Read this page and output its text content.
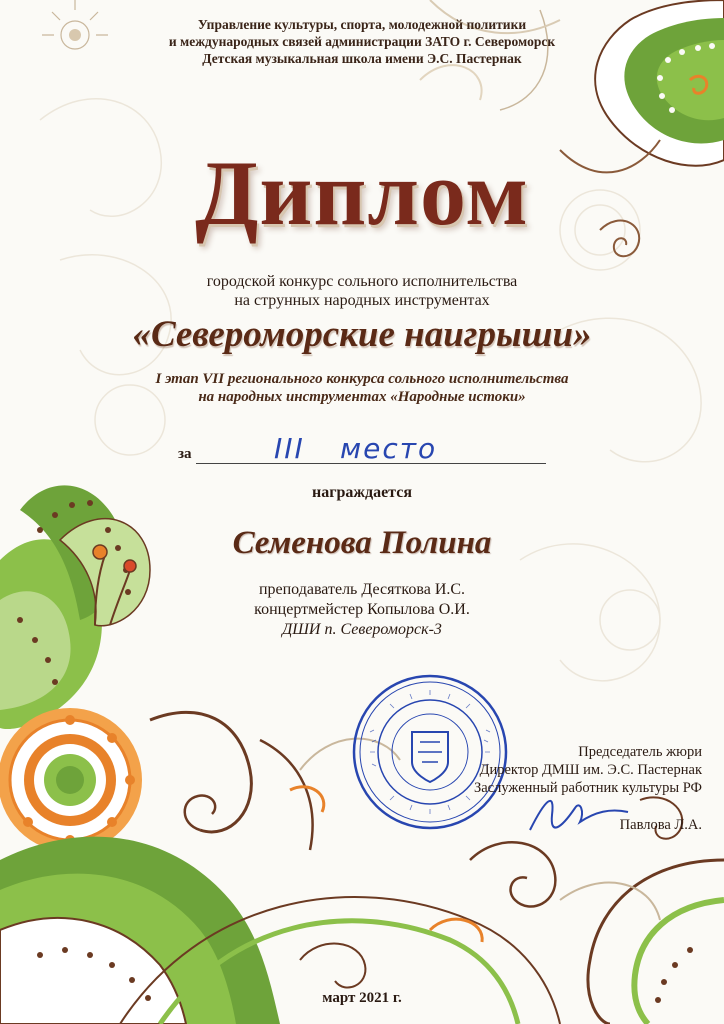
Управление культуры, спорта, молодежной политики
и международных связей администрации ЗАТО г. Североморск
Детская музыкальная школа имени Э.С. Пастернак
Диплом
городской конкурс сольного исполнительства
на струнных народных инструментах
«Североморские наигрыши»
I этап VII регионального конкурса сольного исполнительства
на народных инструментах «Народные истоки»
за	III место
награждается
Семенова Полина
преподаватель Десяткова И.С.
концертмейстер Копылова О.И.
ДШИ п. Североморск-3
Председатель жюри
Директор ДМШ им. Э.С. Пастернак
Заслуженный работник культуры РФ
Павлова Л.А.
март 2021 г.
